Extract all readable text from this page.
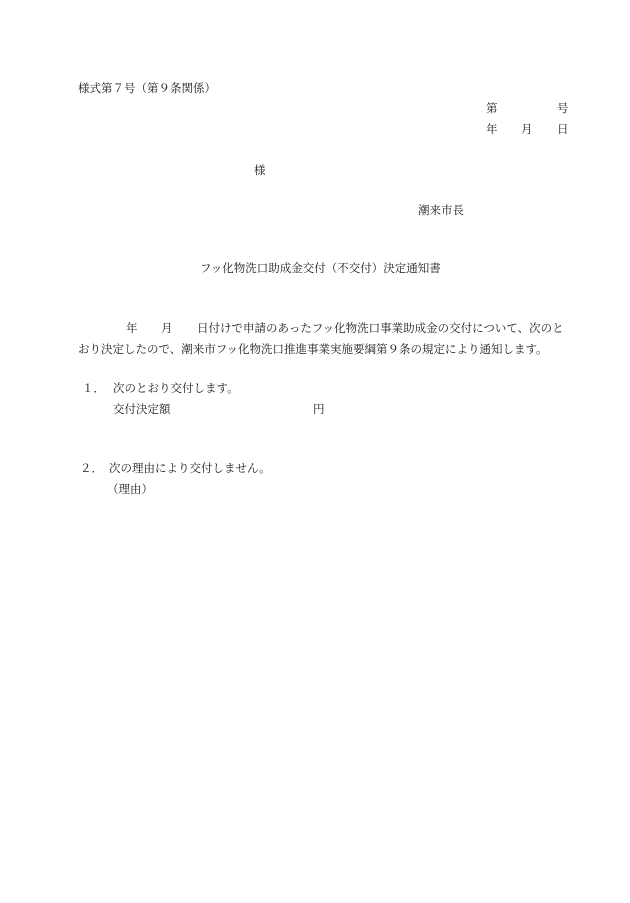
様式第７号（第９条関係）
第	号
年 月 日
様
潮来市長
フッ化物洗口助成金交付（不交付）決定通知書
年 月 日付けで申請のあったフッ化物洗口事業助成金の交付について、次のと
おり決定したので、潮来市フッ化物洗口推進事業実施要綱第９条の規定により通知します。
１． 次のとおり交付します。
交付決定額	円
２． 次の理由により交付しません。
（理由）
